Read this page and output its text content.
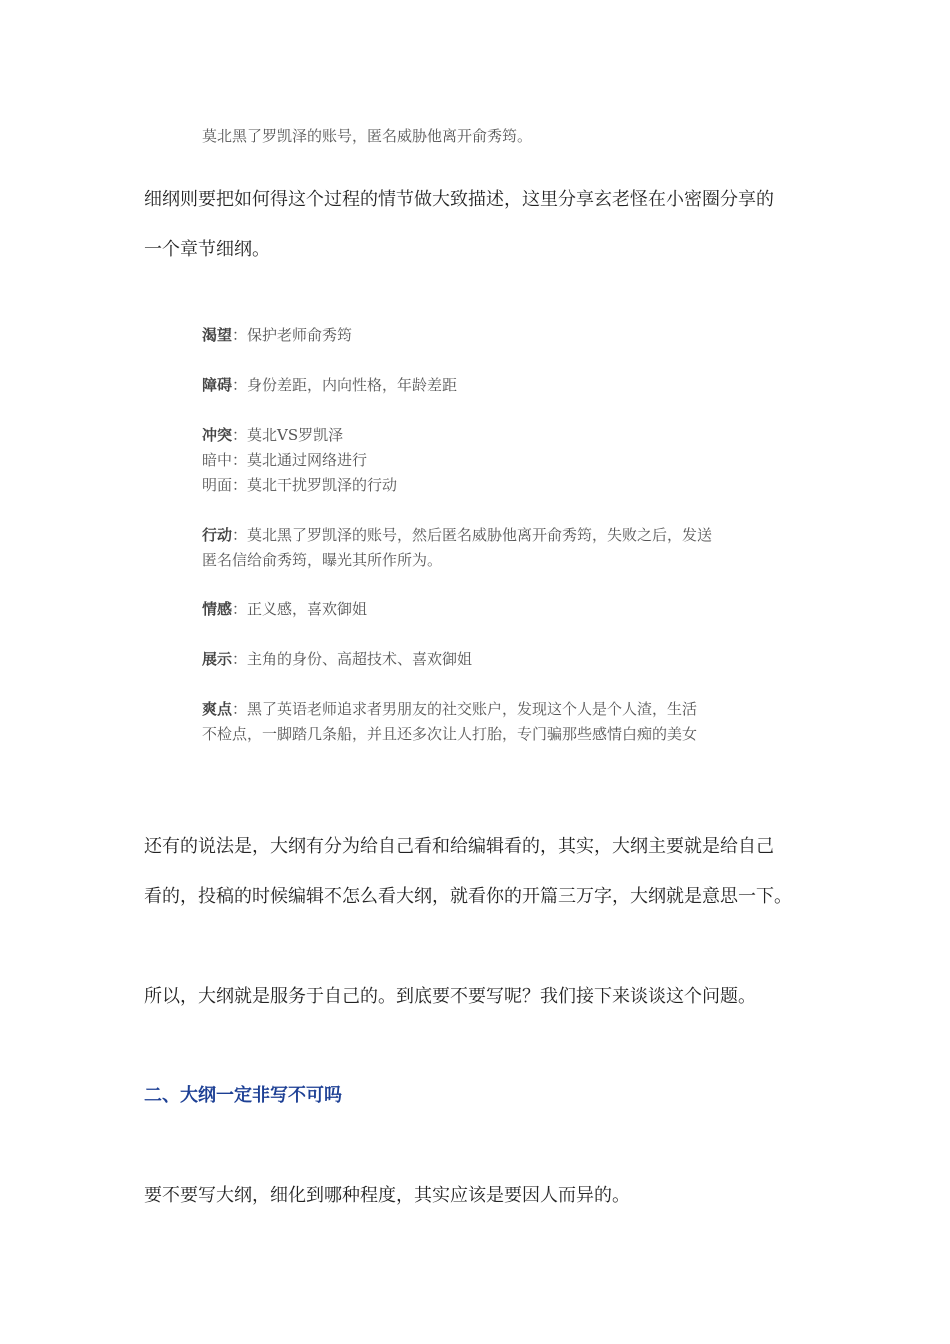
莫北黑了罗凯泽的账号，匿名威胁他离开俞秀筠。

细纲则要把如何得这个过程的情节做大致描述，这里分享玄老怪在小密圈分享的
一个章节细纲。

渴望：保护老师俞秀筠

障碍：身份差距，内向性格，年龄差距

冲突：莫北VS罗凯泽
暗中：莫北通过网络进行
明面：莫北干扰罗凯泽的行动

行动：莫北黑了罗凯泽的账号，然后匿名威胁他离开俞秀筠，失败之后，发送
匿名信给俞秀筠，曝光其所作所为。

情感：正义感，喜欢御姐

展示：主角的身份、高超技术、喜欢御姐

爽点：黑了英语老师追求者男朋友的社交账户，发现这个人是个人渣，生活
不检点，一脚踏几条船，并且还多次让人打胎，专门骗那些感情白痴的美女

还有的说法是，大纲有分为给自己看和给编辑看的，其实，大纲主要就是给自己
看的，投稿的时候编辑不怎么看大纲，就看你的开篇三万字，大纲就是意思一下。

所以，大纲就是服务于自己的。到底要不要写呢？我们接下来谈谈这个问题。

二、大纲一定非写不可吗

要不要写大纲，细化到哪种程度，其实应该是要因人而异的。
